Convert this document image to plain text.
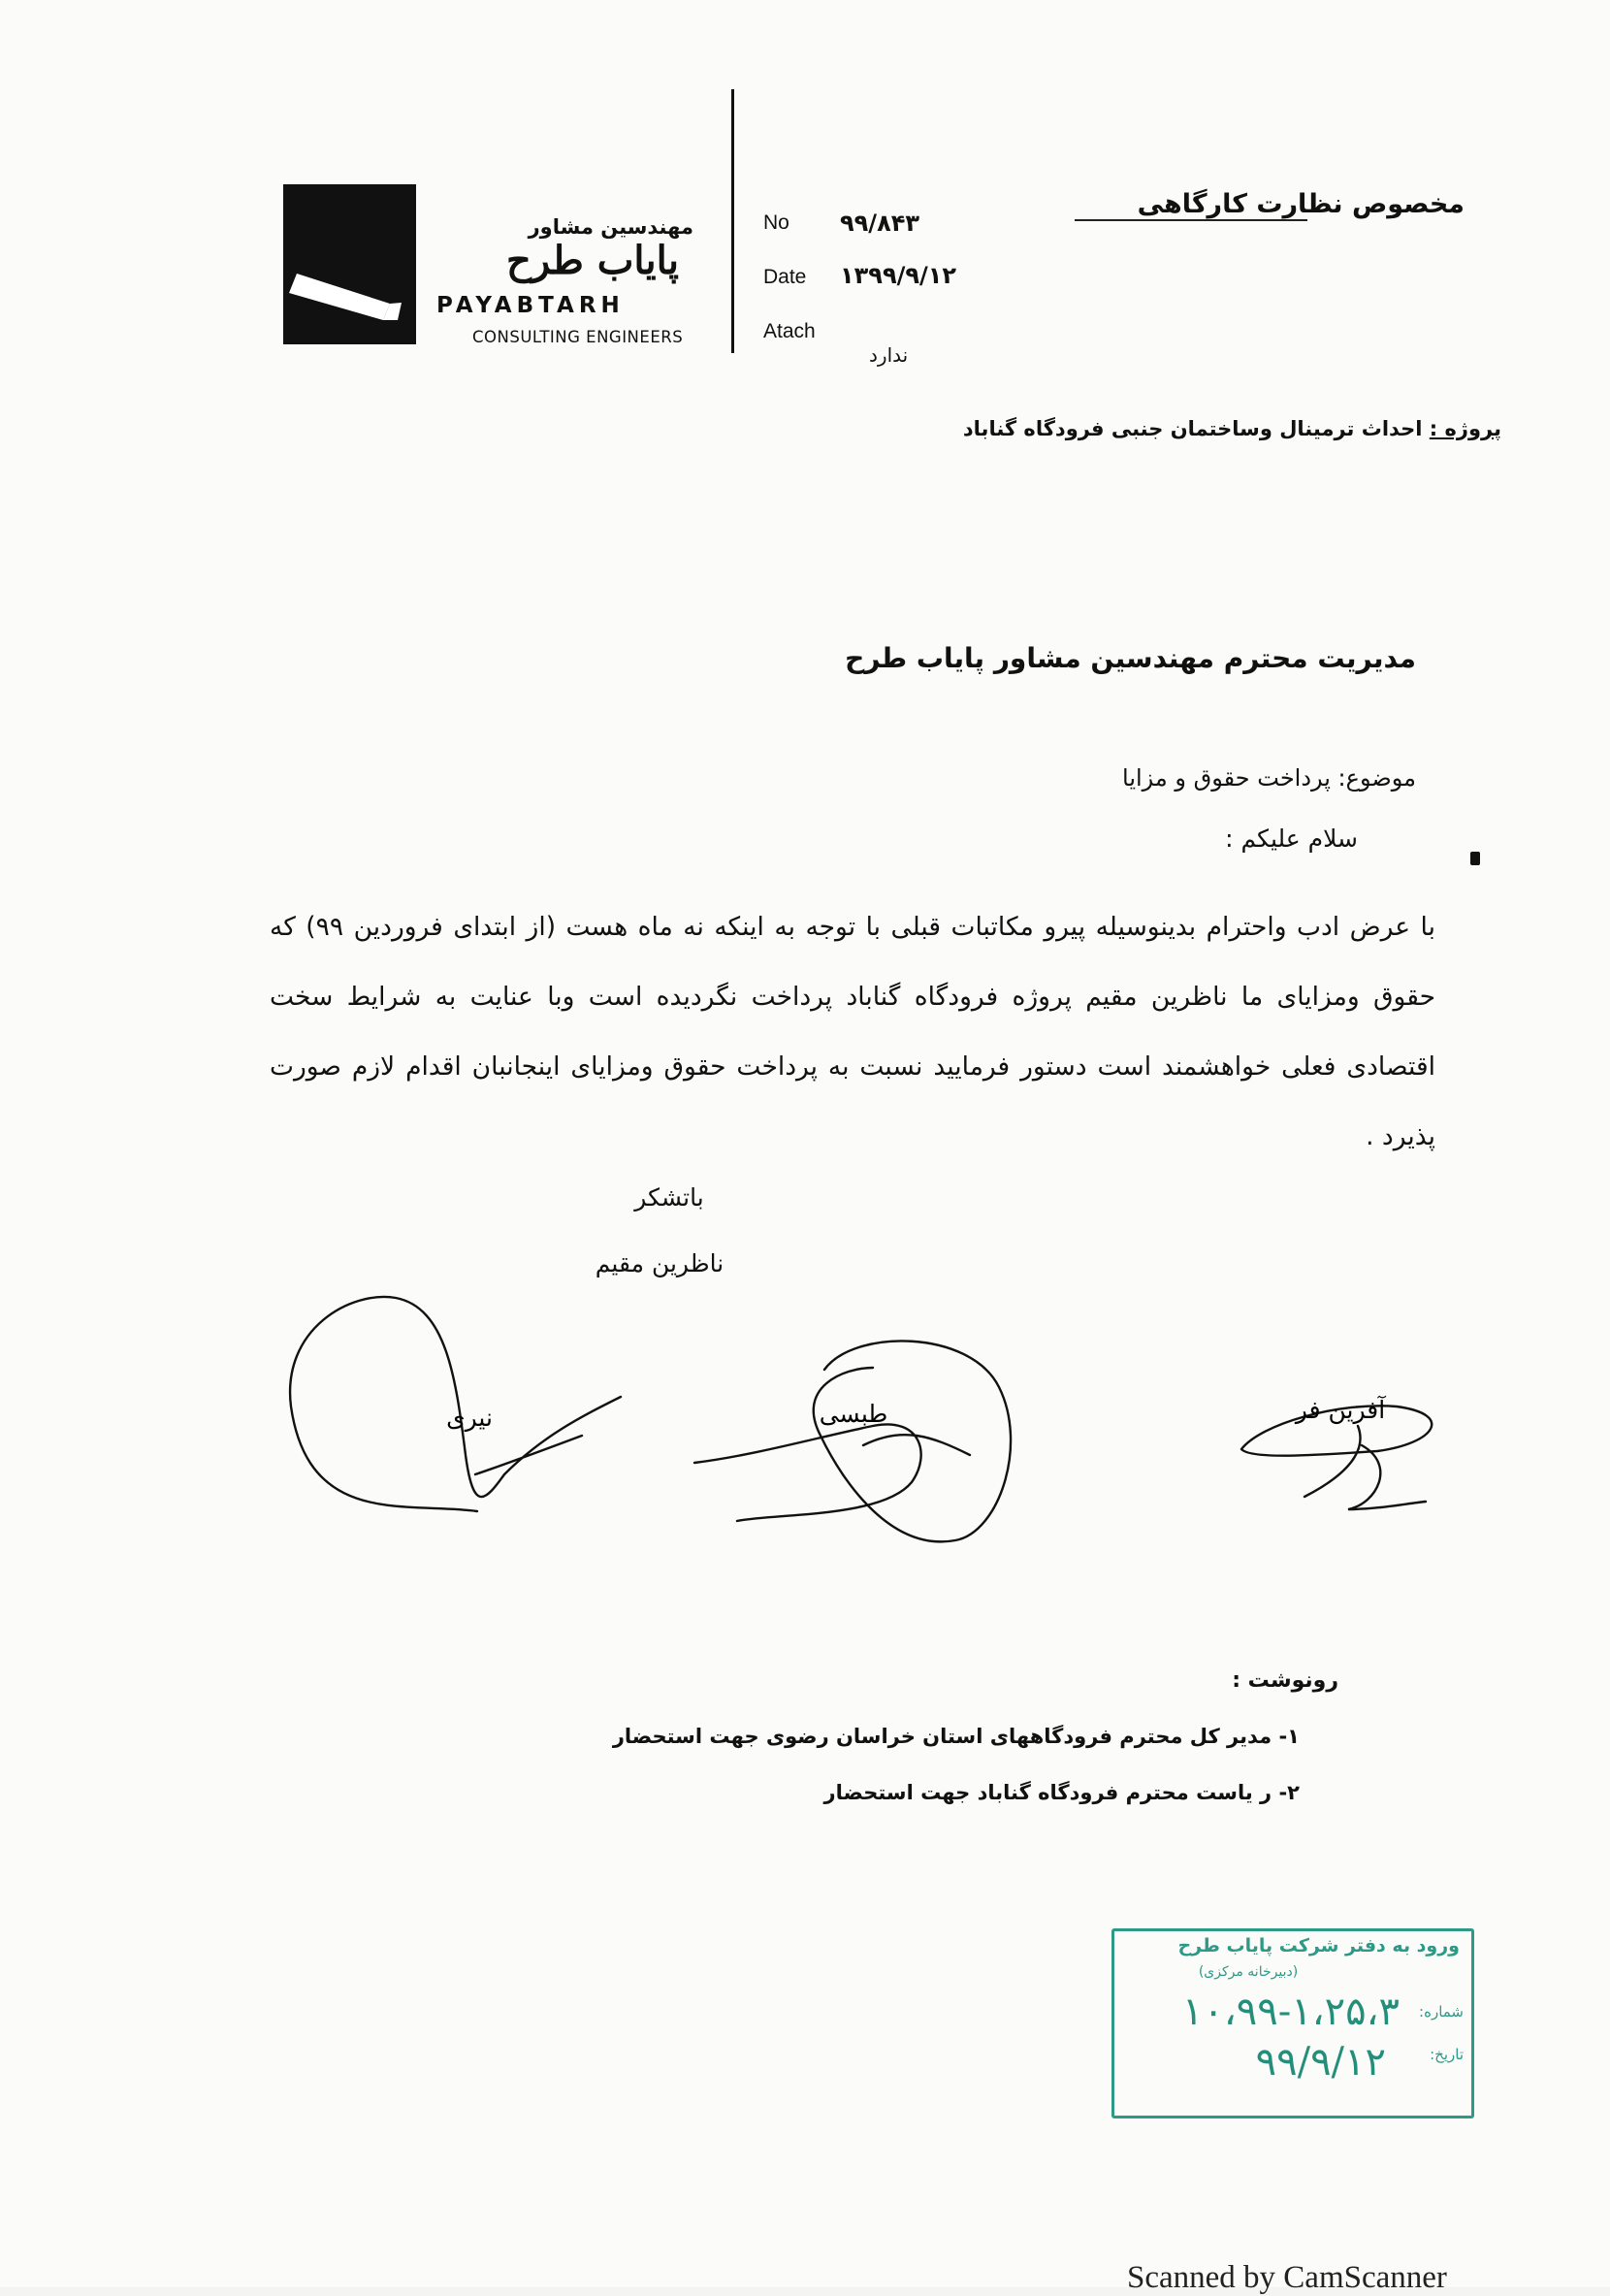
مهندسین مشاور
پایاب طرح
PAYABTARH
CONSULTING ENGINEERS
No ۹۹/۸۴۳
Date ۱۳۹۹/۹/۱۲
Atach
ندارد
مخصوص نظارت کارگاهی
پروژه : احداث ترمینال وساختمان جنبی فرودگاه گناباد
مدیریت محترم مهندسین مشاور پایاب طرح
موضوع: پرداخت حقوق و مزایا
سلام علیکم :
با عرض ادب واحترام بدینوسیله پیرو مکاتبات قبلی با توجه به اینکه نه ماه هست (از ابتدای فروردین ۹۹) که حقوق ومزایای ما ناظرین مقیم پروژه فرودگاه گناباد پرداخت نگردیده است وبا عنایت به شرایط سخت اقتصادی فعلی خواهشمند است دستور فرمایید نسبت به پرداخت حقوق ومزایای اینجانبان اقدام لازم صورت پذیرد .
باتشکر
ناظرین مقیم
نیری	طبسی	آفرین فر
رونوشت :
۱- مدیر کل محترم فرودگاههای استان خراسان رضوی جهت استحضار
۲- ر یاست محترم فرودگاه گناباد جهت استحضار
ورود به دفتر شرکت پایاب طرح
(دبیرخانه مرکزی)
شماره:
۱۰،۹۹-۱،۲۵،۳
تاریخ:
۹۹/۹/۱۲
Scanned by CamScanner
